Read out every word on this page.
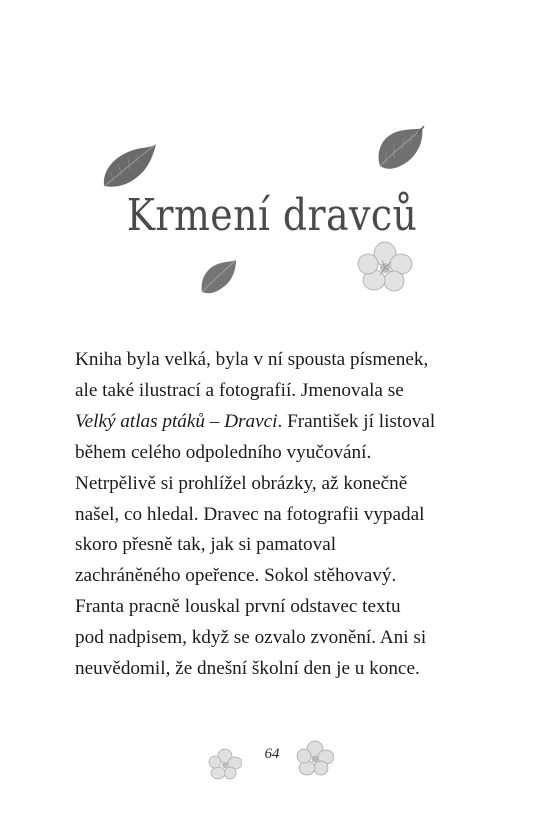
Krmení dravců
Kniha byla velká, byla v ní spousta písmenek,
ale také ilustrací a fotografií. Jmenovala se
Velký atlas ptáků – Dravci. František jí listoval
během celého odpoledního vyučování.
Netrpělivě si prohlížel obrázky, až konečně
našel, co hledal. Dravec na fotografii vypadal
skoro přesně tak, jak si pamatoval
zachráněného opeřence. Sokol stěhovavý.
Franta pracně louskal první odstavec textu
pod nadpisem, když se ozvalo zvonění. Ani si
neuvědomil, že dnešní školní den je u konce.
64
